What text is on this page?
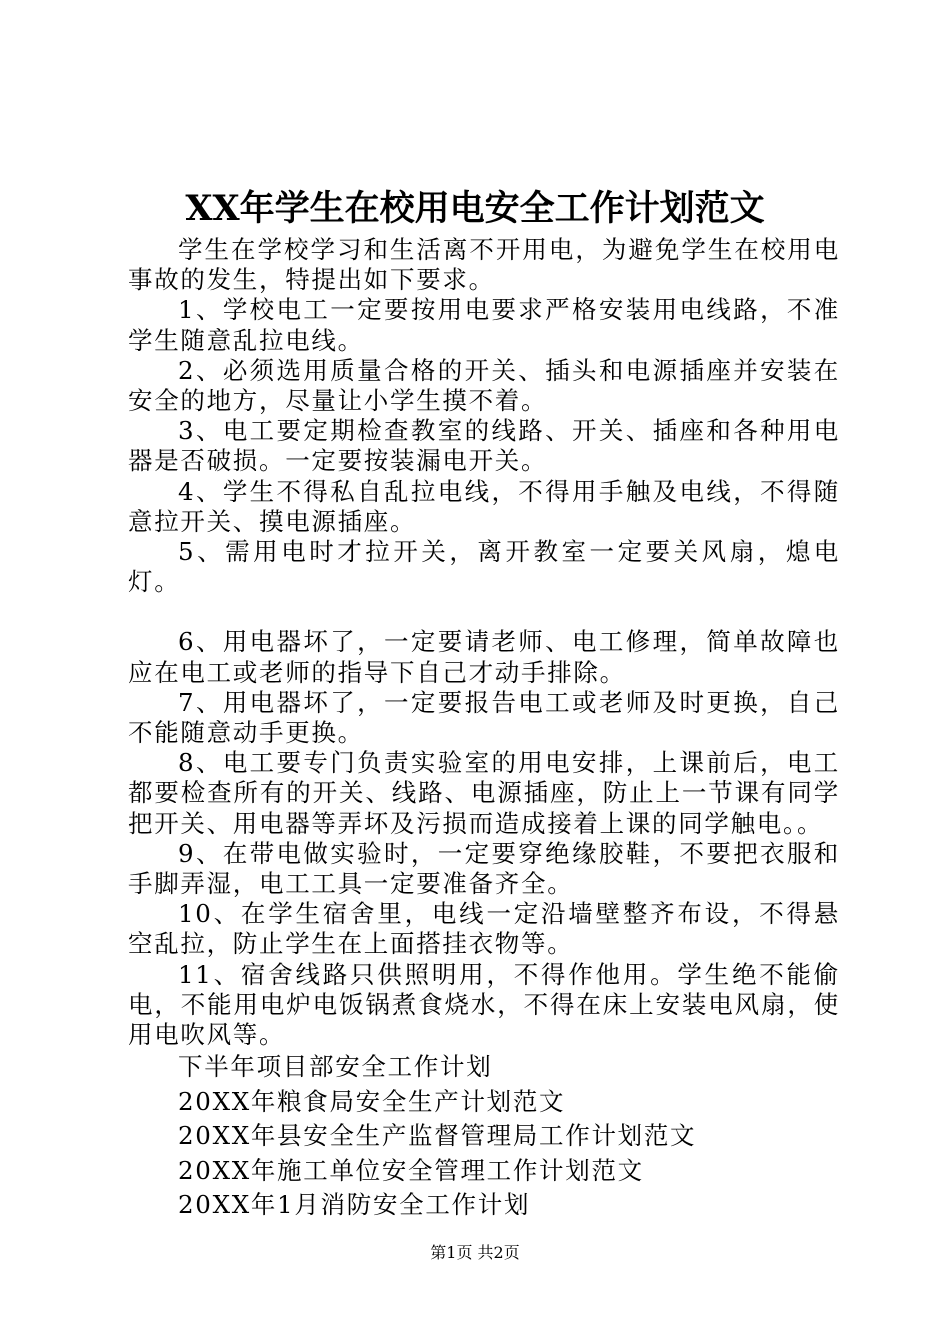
XX年学生在校用电安全工作计划范文

学生在学校学习和生活离不开用电，为避免学生在校用电事故的发生，特提出如下要求。

1、学校电工一定要按用电要求严格安装用电线路，不准学生随意乱拉电线。

2、必须选用质量合格的开关、插头和电源插座并安装在安全的地方，尽量让小学生摸不着。

3、电工要定期检查教室的线路、开关、插座和各种用电器是否破损。一定要按装漏电开关。

4、学生不得私自乱拉电线，不得用手触及电线，不得随意拉开关、摸电源插座。

5、需用电时才拉开关，离开教室一定要关风扇，熄电灯。

6、用电器坏了，一定要请老师、电工修理，简单故障也应在电工或老师的指导下自己才动手排除。

7、用电器坏了，一定要报告电工或老师及时更换，自己不能随意动手更换。

8、电工要专门负责实验室的用电安排，上课前后，电工都要检查所有的开关、线路、电源插座，防止上一节课有同学把开关、用电器等弄坏及污损而造成接着上课的同学触电。。

9、在带电做实验时，一定要穿绝缘胶鞋，不要把衣服和手脚弄湿，电工工具一定要准备齐全。

10、在学生宿舍里，电线一定沿墙壁整齐布设，不得悬空乱拉，防止学生在上面搭挂衣物等。

11、宿舍线路只供照明用，不得作他用。学生绝不能偷电，不能用电炉电饭锅煮食烧水，不得在床上安装电风扇，使用电吹风等。

下半年项目部安全工作计划
20XX年粮食局安全生产计划范文
20XX年县安全生产监督管理局工作计划范文
20XX年施工单位安全管理工作计划范文
20XX年1月消防安全工作计划
第1页 共2页
